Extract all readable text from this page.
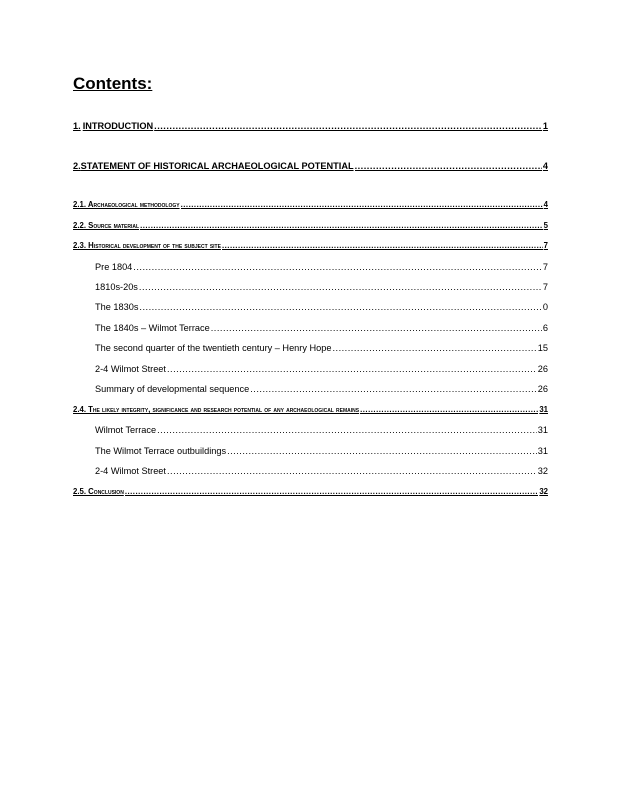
Contents:
1. INTRODUCTION .....	1
2. STATEMENT OF HISTORICAL ARCHAEOLOGICAL POTENTIAL .....	4
2.1. Archaeological methodology .....	4
2.2. Source material .....	5
2.3. Historical development of the subject site .....	7
Pre 1804 .....	7
1810s-20s .....	7
The 1830s .....	0
The 1840s – Wilmot Terrace .....	6
The second quarter of the twentieth century – Henry Hope .....	15
2-4 Wilmot Street .....	26
Summary of developmental sequence .....	26
2.4. The likely integrity, significance and research potential of any archaeological remains .....	31
Wilmot Terrace .....	31
The Wilmot Terrace outbuildings .....	31
2-4 Wilmot Street .....	32
2.5. Conclusion .....	32
